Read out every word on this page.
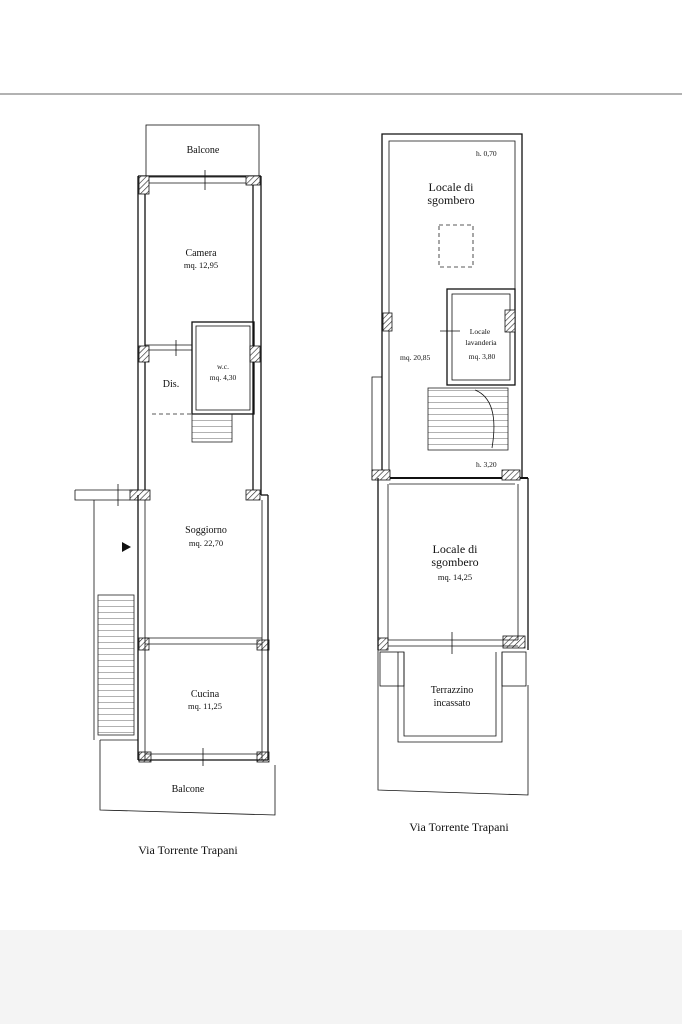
Balcone
Camera
mq. 12,95
w.c.
mq. 4,30
Dis.
Soggiorno
mq. 22,70
Cucina
mq. 11,25
Balcone
Via Torrente Trapani
h. 0,70
Locale di
sgombero
mq. 20,85
Locale
lavanderia
mq. 3,80
h. 3,20
Locale di
sgombero
mq. 14,25
Terrazzino
incassato
Via Torrente Trapani
